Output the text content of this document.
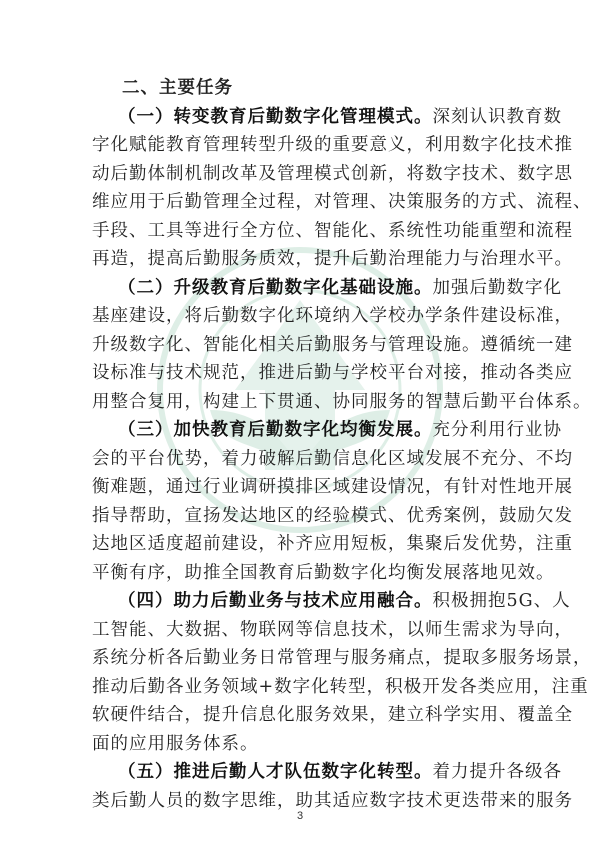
二、主要任务
（一）转变教育后勤数字化管理模式。深刻认识教育数
字化赋能教育管理转型升级的重要意义，利用数字化技术推
动后勤体制机制改革及管理模式创新，将数字技术、数字思
维应用于后勤管理全过程，对管理、决策服务的方式、流程、
手段、工具等进行全方位、智能化、系统性功能重塑和流程
再造，提高后勤服务质效，提升后勤治理能力与治理水平。
（二）升级教育后勤数字化基础设施。加强后勤数字化
基座建设，将后勤数字化环境纳入学校办学条件建设标准，
升级数字化、智能化相关后勤服务与管理设施。遵循统一建
设标准与技术规范，推进后勤与学校平台对接，推动各类应
用整合复用，构建上下贯通、协同服务的智慧后勤平台体系。
（三）加快教育后勤数字化均衡发展。充分利用行业协
会的平台优势，着力破解后勤信息化区域发展不充分、不均
衡难题，通过行业调研摸排区域建设情况，有针对性地开展
指导帮助，宣扬发达地区的经验模式、优秀案例，鼓励欠发
达地区适度超前建设，补齐应用短板，集聚后发优势，注重
平衡有序，助推全国教育后勤数字化均衡发展落地见效。
（四）助力后勤业务与技术应用融合。积极拥抱5G、人
工智能、大数据、物联网等信息技术，以师生需求为导向，
系统分析各后勤业务日常管理与服务痛点，提取多服务场景，
推动后勤各业务领域+数字化转型，积极开发各类应用，注重
软硬件结合，提升信息化服务效果，建立科学实用、覆盖全
面的应用服务体系。
（五）推进后勤人才队伍数字化转型。着力提升各级各
类后勤人员的数字思维，助其适应数字技术更迭带来的服务
3
